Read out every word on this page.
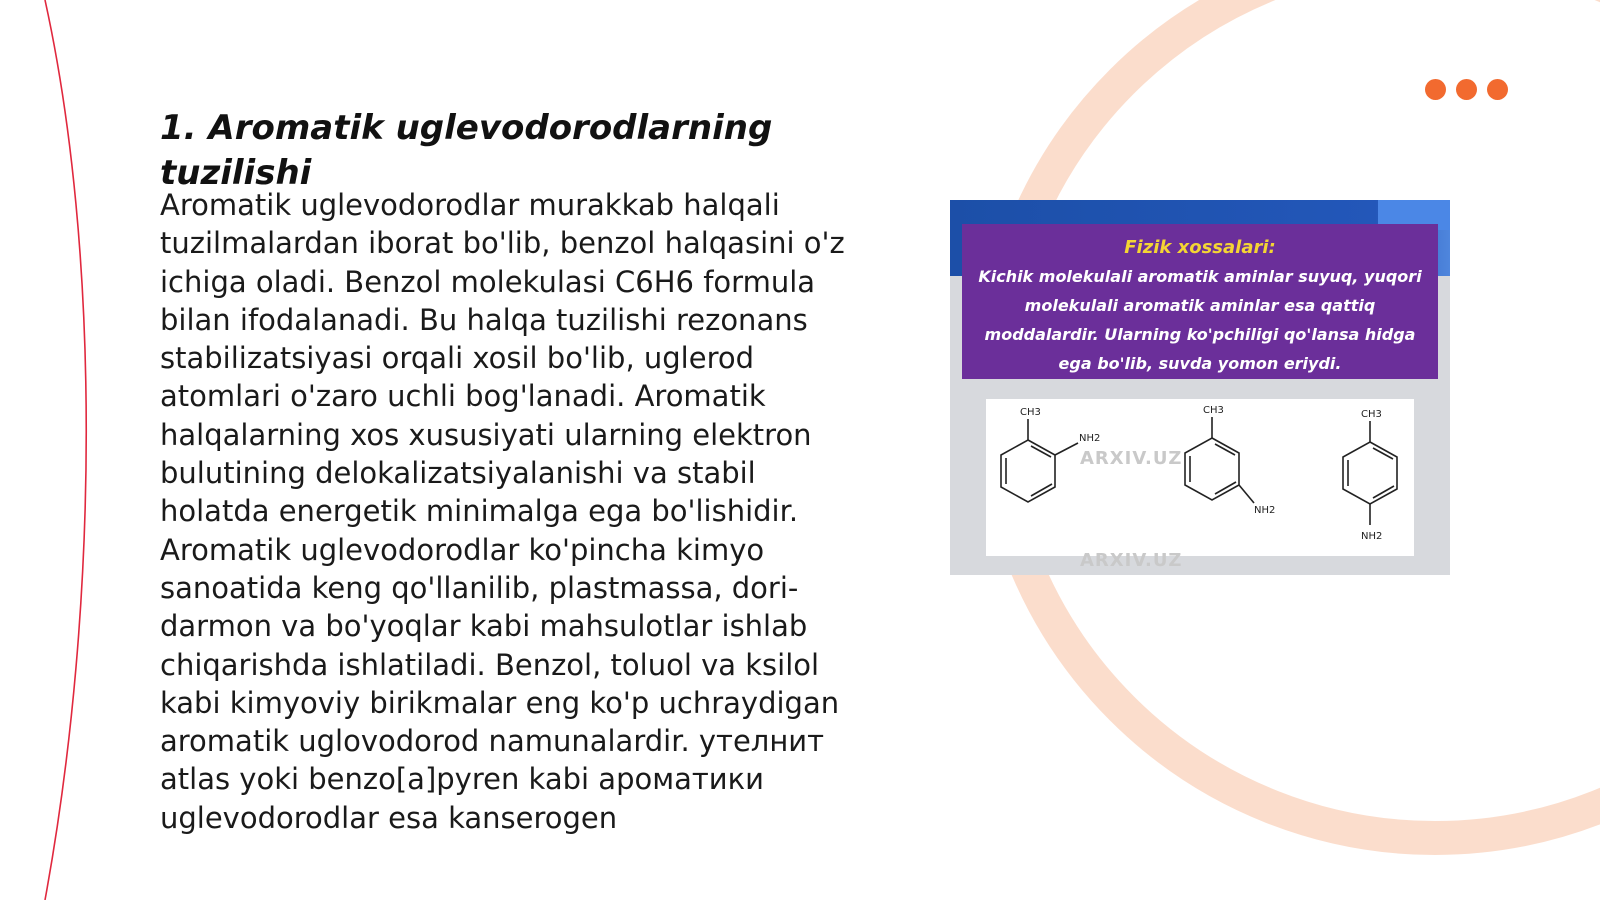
1. Aromatik uglevodorodlarning tuzilishi

Aromatik uglevodorodlar murakkab halqali tuzilmalardan iborat bo'lib, benzol halqasini o'z ichiga oladi. Benzol molekulasi C6H6 formula bilan ifodalanadi. Bu halqa tuzilishi rezonans stabilizatsiyasi orqali xosil bo'lib, uglerod atomlari o'zaro uchli bog'lanadi. Aromatik halqalarning xos xususiyati ularning elektron bulutining delokalizatsiyalanishi va stabil holatda energetik minimalga ega bo'lishidir. Aromatik uglevodorodlar ko'pincha kimyo sanoatida keng qo'llanilib, plastmassa, dori-darmon va bo'yoqlar kabi mahsulotlar ishlab chiqarishda ishlatiladi. Benzol, toluol va ksilol kabi kimyoviy birikmalar eng ko'p uchraydigan aromatik uglovodorod namunalardir. утелнит atlas yoki benzo[a]pyren kabi аромaтики uglevodorodlar esa kanserogen

Fizik xossalari:

Kichik molekulali aromatik aminlar suyuq, yuqori molekulali aromatik aminlar esa qattiq moddalardir. Ularning ko'pchiligi qo'lansa hidga ega bo'lib, suvda yomon eriydi.

CH3
NH2
CH3
NH2
CH3
NH2
ARXIV.UZ
ARXIV.UZ
